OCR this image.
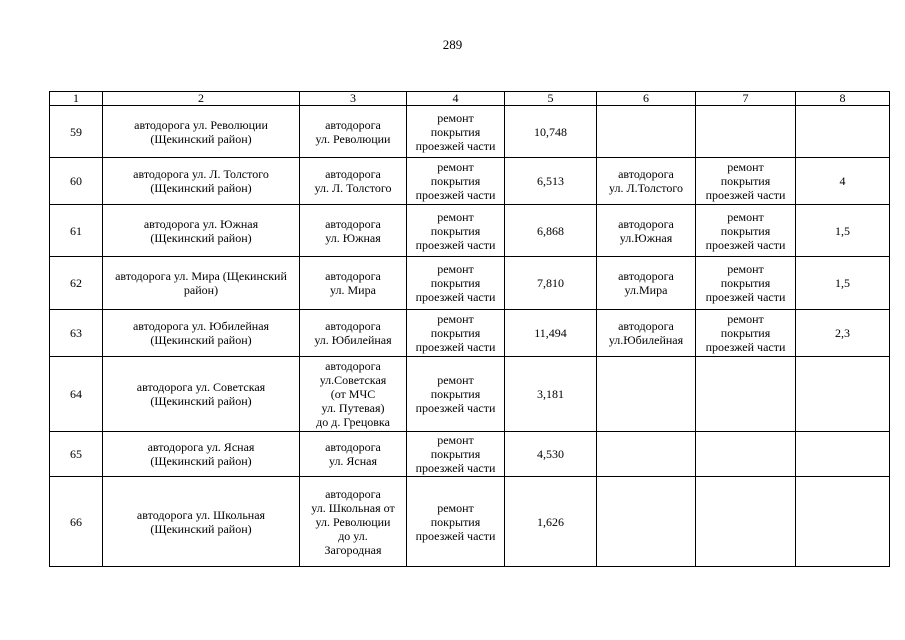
289
1	2	3	4	5	6	7	8

59	автодорога ул. Революции
(Щекинский район)	автодорога
ул. Революции	ремонт
покрытия
проезжей части	10,748			

60	автодорога ул. Л. Толстого
(Щекинский район)	автодорога
ул. Л. Толстого	ремонт
покрытия
проезжей части	6,513	автодорога
ул. Л.Толстого	ремонт
покрытия
проезжей части	4

61	автодорога ул. Южная
(Щекинский район)	автодорога
ул. Южная	ремонт
покрытия
проезжей части	6,868	автодорога
ул.Южная	ремонт
покрытия
проезжей части	1,5

62	автодорога ул. Мира (Щекинский
район)	автодорога
ул. Мира	ремонт
покрытия
проезжей части	7,810	автодорога
ул.Мира	ремонт
покрытия
проезжей части	1,5

63	автодорога ул. Юбилейная
(Щекинский район)	автодорога
ул. Юбилейная	ремонт
покрытия
проезжей части	11,494	автодорога
ул.Юбилейная	ремонт
покрытия
проезжей части	2,3

64	автодорога ул. Советская
(Щекинский район)	автодорога
ул.Советская
(от МЧС
ул. Путевая)
до д. Грецовка	ремонт
покрытия
проезжей части	3,181			

65	автодорога ул. Ясная
(Щекинский район)	автодорога
ул. Ясная	ремонт
покрытия
проезжей части	4,530			

66	автодорога ул. Школьная
(Щекинский район)	автодорога
ул. Школьная от
ул. Революции
до ул.
Загородная	ремонт
покрытия
проезжей части	1,626			
